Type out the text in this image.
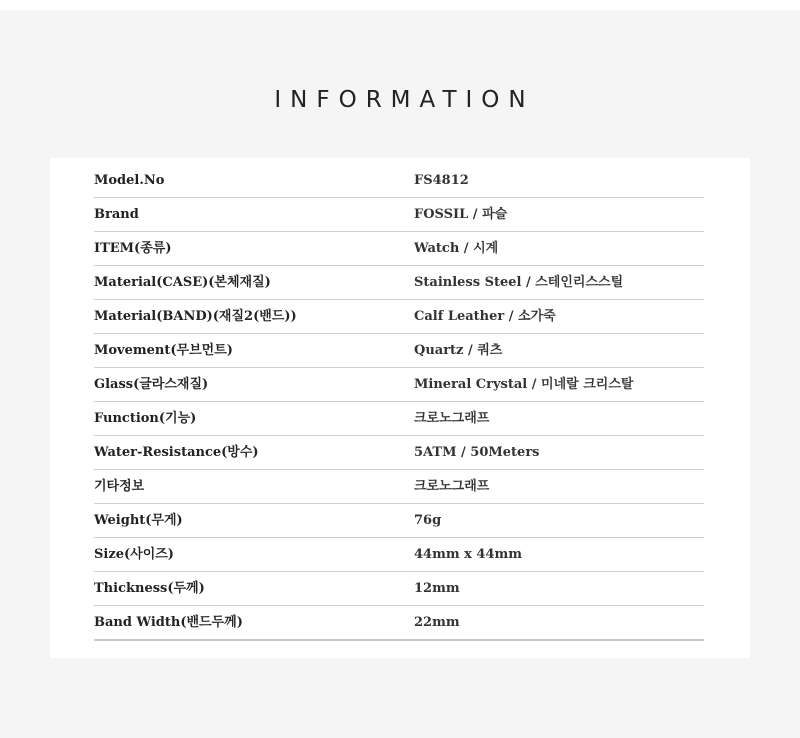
INFORMATION
Model.No	FS4812
Brand	FOSSIL / 파슬
ITEM(종류)	Watch / 시계
Material(CASE)(본체재질)	Stainless Steel / 스테인리스스틸
Material(BAND)(재질2(밴드))	Calf Leather / 소가죽
Movement(무브먼트)	Quartz / 쿼츠
Glass(글라스재질)	Mineral Crystal / 미네랄 크리스탈
Function(기능)	크로노그래프
Water-Resistance(방수)	5ATM / 50Meters
기타정보	크로노그래프
Weight(무게)	76g
Size(사이즈)	44mm x 44mm
Thickness(두께)	12mm
Band Width(밴드두께)	22mm
